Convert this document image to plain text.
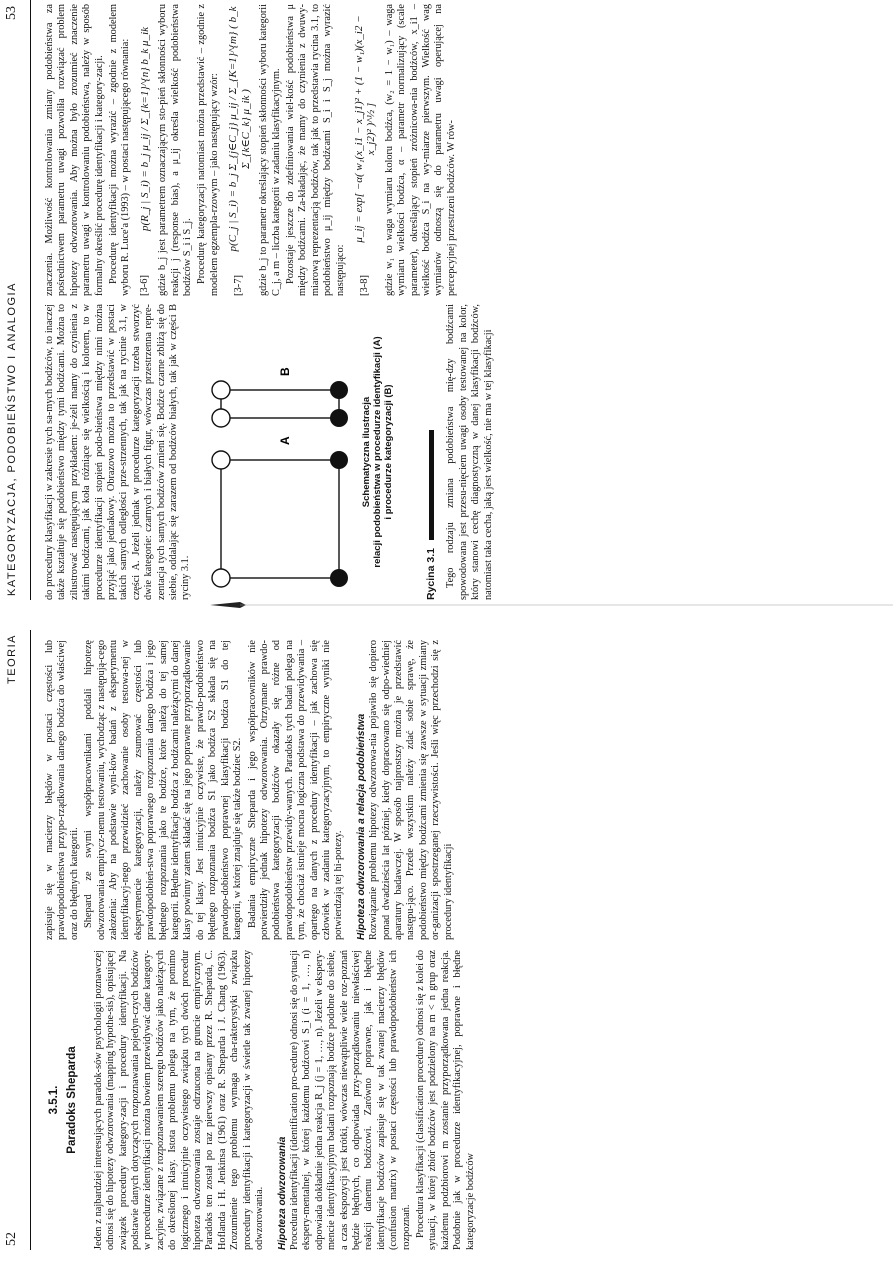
KATEGORYZACJA, PODOBIEŃSTWO I ANALOGIA
53

do procedury klasyfikacji w zakresie tych sa-mych bodźców, to inaczej także kształtuje się podobieństwo między tymi bodźcami. Można to zilustrować następującym przykładem: je-żeli mamy do czynienia z takimi bodźcami, jak koła różniące się wielkością i kolorem, to w procedurze identyfikacji stopień podo-bieństwa między nimi można przyjąć jako jednakowy. Obrazowo można to przedstawić w postaci takich samych odległości prze-strzennych, tak jak na rycinie 3.1, w części A. Jeżeli jednak w procedurze kategoryzacji trzeba stworzyć dwie kategorie: czarnych i białych figur, wówczas przestrzenna repre-zentacja tych samych bodźców zmieni się. Bodźce czarne zbliżą się do siebie, oddalając się zarazem od bodźców białych, tak jak w części B ryciny 3.1.

A
B
Schematyczna ilustracja relacji podobieństwa w procedurze identyfikacji (A) i procedurze kategoryzacji (B)
Rycina 3.1 Tego rodzaju zmiana podobieństwa mię-dzy bodźcami spowodowana jest przesu-nięciem uwagi osoby testowanej na kolor, który stanowi cechę diagnostyczną w danej klasyfikacji bodźców, natomiast taka cecha, jaką jest wielkość, nie ma w tej klasyfikacji

znaczenia. Możliwość kontrolowania zmiany podobieństwa za pośrednictwem parametru uwagi pozwoliła rozwiązać problem hipotezy odwzorowania. Aby można było zrozumieć znaczenie parametru uwagi w kontrolowaniu podobieństwa, należy w sposób formalny określić procedurę identyfikacji i kategory-zacji. Procedurę identyfikacji można wyrazić – zgodnie z modelem wyboru R. Luce'a (1993) – w postaci następującego równania: [3-6]
p(R_j | S_i) = b_j μ_ij / Σ_{k=1}^{n} b_k μ_ik gdzie b_j jest parametrem oznaczającym sto-pień skłonności wyboru reakcji j (response bias), a μ_ij określa wielkość podobieństwa bodźców S_i i S_j. Procedurę kategoryzacji natomiast można przedstawić – zgodnie z modelem egzempla-rzowym – jako następujący wzór: [3-7]
p(C_j | S_i) = b_j Σ_{j∈C_j} μ_ij / Σ_{K=1}^{m} ( b_k Σ_{k∈C_k} μ_ik ) gdzie b_j to parametr określający stopień skłonności wyboru kategorii C_j, a m – liczba kategorii w zadaniu klasyfikacyjnym. Pozostaje jeszcze do zdefiniowania wiel-kość podobieństwa μ między bodźcami. Za-kładając, że mamy do czynienia z dwuwy-miarową reprezentacją bodźców, tak jak to przedstawia rycina 3.1, to podobieństwo μ_ij między bodźcami S_i i S_j można wyrazić następująco: [3-8]
μ_ij = exp[ −α( w₁(x_i1 − x_j1)² + (1 − w₁)(x_i2 − x_j2)² )^½ ] gdzie w₁ to waga wymiaru koloru bodźca, (w₂ = 1 − w₁) – waga wymiaru wielkości bodźca, α – parametr normalizujący (scale parameter), określający stopień zróżnicowa-nia bodźców, x_i1 – wielkość bodźca S_i na wy-miarze pierwszym. Wielkość wag wymiarów odnoszą się do parametru uwagi operującej na percepcyjnej przestrzeni bodźców. W rów-

52
TEORIA
3.5.1. Paradoks Sheparda Jeden z najbardziej interesujących paradok-sów psychologii poznawczej odnosi się do hipotezy odwzorowania (mapping hypothe-sis), opisującej związek procedury kategory-zacji i procedury identyfikacji. Na podstawie danych dotyczących rozpoznawania pojedyn-czych bodźców w procedurze identyfikacji można bowiem przewidywać dane kategory-zacyjne, związane z rozpoznawaniem szeregu bodźców jako należących do określonej klasy. Istota problemu polega na tym, że pomimo logicznego i intuicyjnie oczywistego związku tych dwóch procedur hipoteza odwzorowania zostaje odrzucona na gruncie empirycznym. Paradoks ten został po raz pierwszy opisany przez R. Sheparda, C. Hoflanda i H. Jenkinsa (1961) oraz R. Sheparda i J. Chang (1963). Zrozumienie tego problemu wymaga cha-rakterystyki związku procedury identyfikacji i kategoryzacji w świetle tak zwanej hipotezy odwzorowania. Hipoteza odwzorowania Procedura identyfikacji (identification pro-cedure) odnosi się do sytuacji ekspery-mentalnej, w której każdemu bodźcowi S_i (i = 1, …, n) odpowiada dokładnie jedna reakcja R_j (j = 1, …, n). Jeżeli w ekspery-mencie identyfikacyjnym badani rozpoznają bodźce podobne do siebie, a czas ekspozycji jest krótki, wówczas niewątpliwie wiele roz-poznań będzie błędnych, co odpowiada przy-porządkowaniu niewłaściwej reakcji danemu bodźcowi. Zarówno poprawne, jak i błędne identyfikacje bodźców zapisuje się w tak zwanej macierzy błędów (confusion matrix) w postaci częstości lub prawdopodobieństw ich rozpoznań. Procedura klasyfikacji (classification procedure) odnosi się z kolei do sytuacji, w której zbiór bodźców jest podzielony na m < n grup oraz każdemu podzbiorowi m zostanie przyporządkowana jedna reakcja. Podobnie jak w procedurze identyfikacyjnej, poprawne i błędne kategoryzacje bodźców

zapisuje się w macierzy błędów w postaci częstości lub prawdopodobieństwa przypo-rządkowania danego bodźca do właściwej oraz do błędnych kategorii. Shepard ze swymi współpracownikami poddali hipotezę odwzorowania empirycz-nemu testowaniu, wychodząc z następują-cego założenia: Aby na podstawie wyni-ków badań z eksperymentu identyfikacyj-nego przewidzieć zachowanie osoby testowa-nej w eksperymencie kategoryzacji, należy zsumować częstości lub prawdopodobień-stwa poprawnego rozpoznania danego bodźca i jego błędnego rozpoznania jako te bodźce, które należą do tej samej kategorii. Błędne identyfikacje bodźca z bodźcami należącymi do danej klasy powinny zatem składać się na jego poprawne przyporządkowanie do tej klasy. Jest intuicyjnie oczywiste, że prawdo-podobieństwo błędnego rozpoznania bodźca S1 jako bodźca S2 składa się na prawdopo-dobieństwo poprawnej klasyfikacji bodźca S1 do tej kategorii, w której znajduje się także bodziec S2. Badania empiryczne Sheparda i jego współpracowników nie potwierdziły jednak hipotezy odwzorowania. Otrzymane prawdo-podobieństwa kategoryzacji bodźców okazały się różne od prawdopodobieństw przewidy-wanych. Paradoks tych badań polega na tym, że chociaż istnieje mocna logiczna podstawa do przewidywania – opartego na danych z procedury identyfikacji – jak zachowa się człowiek w zadaniu kategoryzacyjnym, to empiryczne wyniki nie potwierdzają tej hi-potezy. Hipoteza odwzorowania a relacja podobieństwa Rozwiązanie problemu hipotezy odwzorowa-nia pojawiło się dopiero ponad dwadzieścia lat później, kiedy dopracowano się odpo-wiedniej aparatury badawczej. W sposób najprostszy można je przedstawić następu-jąco. Przede wszystkim należy zdać sobie sprawę, że podobieństwo między bodźcami zmienia się zawsze w sytuacji zmiany or-ganizacji spostrzeganej rzeczywistości. Jeśli więc przechodzi się z procedury identyfikacji
